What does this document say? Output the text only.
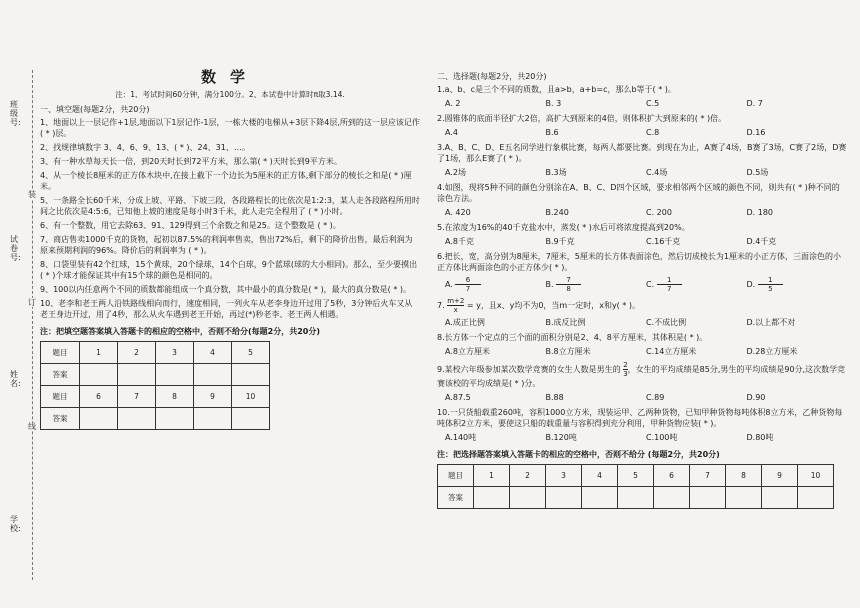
班级号:
试卷号:
姓名:
学校:
装
订
线
数学
注：1、考试时间60分钟，满分100分。2、本试卷中计算时π取3.14.
一、填空题(每题2分，共20分)
1、地面以上一层记作+1层,地面以下1层记作-1层，一栋大楼的电梯从+3层下降4层,所到的这一层应该记作( * )层。
2、找规律填数字 3、4、6、9、13、( * )、24、31、…。
3、有一种水草每天长一倍，到20天时长到72平方米，那么第( * )天时长到9平方米。
4、从一个棱长8厘米的正方体木块中,在接上截下一个边长为5厘米的正方体,剩下部分的棱长之和是( * )厘米。
5、一条路全长60千米，分成上坡、平路、下坡三段，各段路程长的比依次是1:2:3，某人走各段路程所用时间之比依次是4:5:6，已知他上坡的速度是每小时3千米，此人走完全程用了 ( * )小时。
6、有一个整数，用它去除63、91、129得到三个余数之和是25。这个整数是 ( * )。
7、商店售卖1000千克的货物，起初以87.5%的利润率售卖，售出72%后，剩下的降价出售，最后利润为原来预期利润的96%。降价后的利润率为 ( * )。
8、口袋里装有42个红球，15个黄球，20个绿球，14个白球，9个蓝球(球的大小相同)。那么，至少要摸出( * )个球才能保证其中有15个球的颜色是相同的。
9、100以内任意两个不同的质数都能组成一个真分数，其中最小的真分数是( * )，最大的真分数是( * )。
10、老李和老王两人沿铁路线相向而行，速度相同，一列火车从老李身边开过用了5秒，3分钟后火车又从老王身边开过，用了4秒，那么从火车遇到老王开始，再过(*)秒老李、老王两人相遇。
注：把填空题答案填入答题卡的相应的空格中，否则不给分(每题2分，共20分)
题目	1	2	3	4	5
答案					
题目	6	7	8	9	10
答案					
二、选择题(每题2分，共20分)
1.a、b、c是三个不同的质数，且a>b，a+b=c，那么b等于( * )。
A. 2	B. 3	C.5	D. 7
2.圆锥体的底面半径扩大2倍，高扩大到原来的4倍，则体积扩大到原来的( * )倍。
A.4	B.6	C.8	D.16
3.A、B、C、D、E五名同学进行象棋比赛，每两人都要比赛。到现在为止，A赛了4场，B赛了3场，C赛了2场，D赛了1场，那么E赛了( * )。
A.2场	B.3场	C.4场	D.5场
4.如图，现将5种不同的颜色分别涂在A、B、C、D四个区域，要求相邻两个区域的颜色不同，则共有( * )种不同的涂色方法。
A. 420	B.240	C. 200	D. 180
5.在浓度为16%的40千克盐水中，蒸发( * )水后可将浓度提高到20%。
A.8千克	B.9千克	C.16千克	D.4千克
6.把长，宽，高分别为8厘米，7厘米，5厘米的长方体表面涂色，然后切成棱长为1厘米的小正方体，三面涂色的小正方体比两面涂色的小正方体少( * )。
A. $\frac{6}{7}$	B. $\frac{7}{8}$	C. $\frac{1}{7}$	D. $\frac{1}{5}$
7. $\frac{m+2}{x} = y$，且x、y均不为0，当m一定时，x和y( * )。
A.成正比例	B.成反比例	C.不成比例	D.以上都不对
8.长方体一个定点的三个面的面积分别是2、4、8平方厘米，其体积是( * )。
A.8立方厘米	B.8立方厘米	C.14立方厘米	D.28立方厘米
9.某校六年级参加某次数学竞赛的女生人数是男生的 $\frac{2}{3}$，女生的平均成绩是85分,男生的平均成绩是90分,这次数学竞赛该校的平均成绩是( * )分。
A.87.5	B.88	C.89	D.90
10.一只货船载重260吨，容积1000立方米，现装运甲、乙两种货物，已知甲种货物每吨体积8立方米，乙种货物每吨体积2立方米，要使这只船的载重量与容积得到充分利用，甲种货物应装( * )。
A.140吨	B.120吨	C.100吨	D.80吨
注：把选择题答案填入答题卡的相应的空格中，否则不给分 (每题2分，共20分)
题目	1	2	3	4	5	6	7	8	9	10
答案										
